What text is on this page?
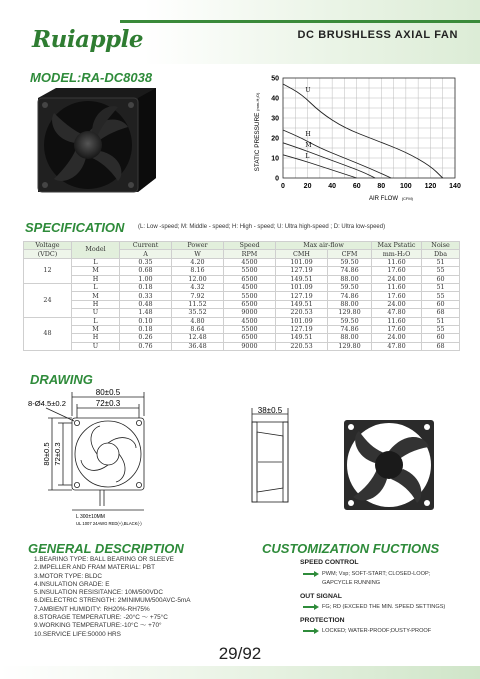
Ruiapple	DC BRUSHLESS AXIAL FAN
MODEL:RA-DC8038
U
H
M
L
0	20 40 60 80 100 120 140
0
10
20
30
40
50
STATIC PRESSURE (mm-H₂O)
AIR FLOW (CFM)
SPECIFICATION (L: Low -speed; M: Middle - speed; H: High - speed; U: Ultra high-speed ; D: Ultra low-speed)
Voltage	Model	Current	Power	Speed	Max air-flow		Max Pstatic	Noise
(VDC)		A	W	RPM	CMH	CFM	mm-H₂O	Dba
12	L	0.35	4.20	4500	101.09	59.50	11.60	51
	M	0.68	8.16	5500	127.19	74.86	17.60	55
	H	1.00	12.00	6500	149.51	88.00	24.00	60
24	L	0.18	4.32	4500	101.09	59.50	11.60	51
	M	0.33	7.92	5500	127.19	74.86	17.60	55
	H	0.48	11.52	6500	149.51	88.00	24.00	60
	U	1.48	35.52	9000	220.53	129.80	47.80	68
48	L	0.10	4.80	4500	101.09	59.50	11.60	51
	M	0.18	8.64	5500	127.19	74.86	17.60	55
	H	0.26	12.48	6500	149.51	88.00	24.00	60
	U	0.76	36.48	9000	220.53	129.80	47.80	68
DRAWING
80±0.5
72±0.3
8-Ø4.5±0.2
80±0.5 72±0.3
L 300±10MM
UL 1007 24AWG RED(+),BLACK(-)
38±0.5
GENERAL DESCRIPTION
1.BEARING TYPE: BALL BEARING OR SLEEVE
2.IMPELLER AND FRAM MATERIAL: PBT
3.MOTOR TYPE: BLDC
4.INSULATION GRADE: E
5.INSULATION RESISITANCE: 10M/500VDC
6.DIELECTRIC STRENGTH: 2MINIMUM/500AVC-5mA
7.AMBIENT HUMIDITY: RH20%-RH75%
8.STORAGE TEMPERATURE: -20°C ～ +75°C
9.WORKING TEMPERATURE:-10°C ～ +70°
10.SERVICE LIFE:50000 HRS
CUSTOMIZATION FUCTIONS
SPEED CONTROL
PWM; Vsp; SOFT-START; CLOSED-LOOP;
GAPCYCLE RUNNING
OUT SIGNAL
FG; RD (EXCEED THE MIN. SPEED SETTINGS)
PROTECTION
LOCKED; WATER-PROOF;DUSTY-PROOF
29/92
